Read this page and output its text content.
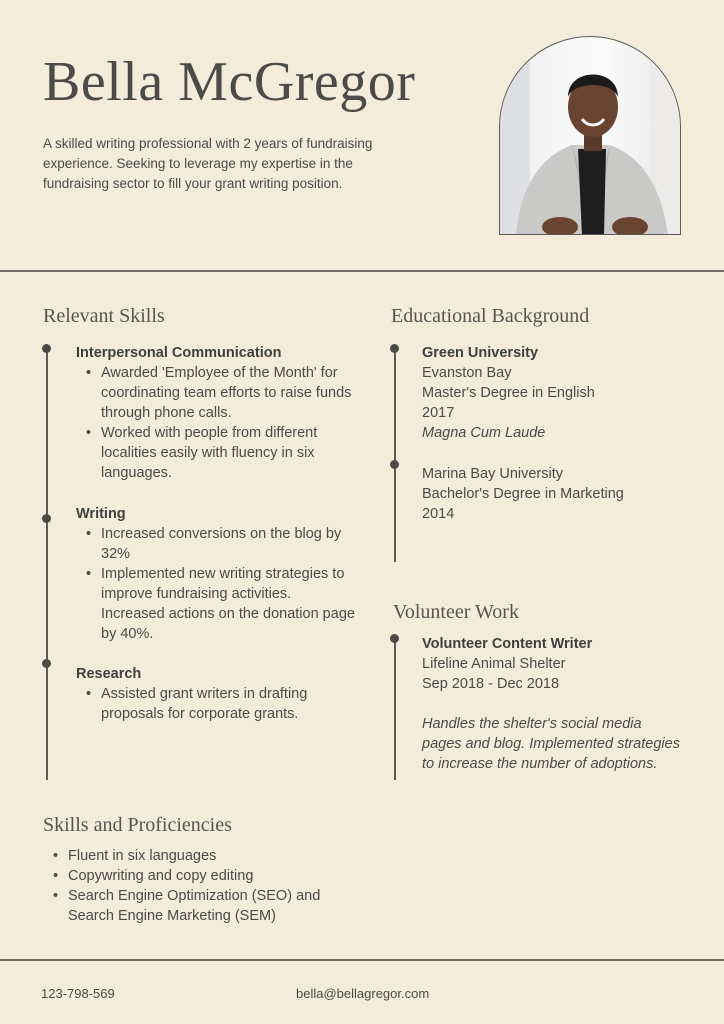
Bella McGregor

A skilled writing professional with 2 years of fundraising experience. Seeking to leverage my expertise in the fundraising sector to fill your grant writing position.

Relevant Skills
Interpersonal Communication
• Awarded 'Employee of the Month' for coordinating team efforts to raise funds through phone calls.
• Worked with people from different localities easily with fluency in six languages.
Writing
• Increased conversions on the blog by 32%
• Implemented new writing strategies to improve fundraising activities. Increased actions on the donation page by 40%.
Research
• Assisted grant writers in drafting proposals for corporate grants.
Educational Background
Green University
Evanston Bay
Master's Degree in English
2017
Magna Cum Laude
Marina Bay University
Bachelor's Degree in Marketing
2014
Volunteer Work
Volunteer Content Writer
Lifeline Animal Shelter
Sep 2018 - Dec 2018
Handles the shelter's social media pages and blog. Implemented strategies to increase the number of adoptions.
Skills and Proficiencies
• Fluent in six languages
• Copywriting and copy editing
• Search Engine Optimization (SEO) and Search Engine Marketing (SEM)
123-798-569	bella@bellagregor.com
